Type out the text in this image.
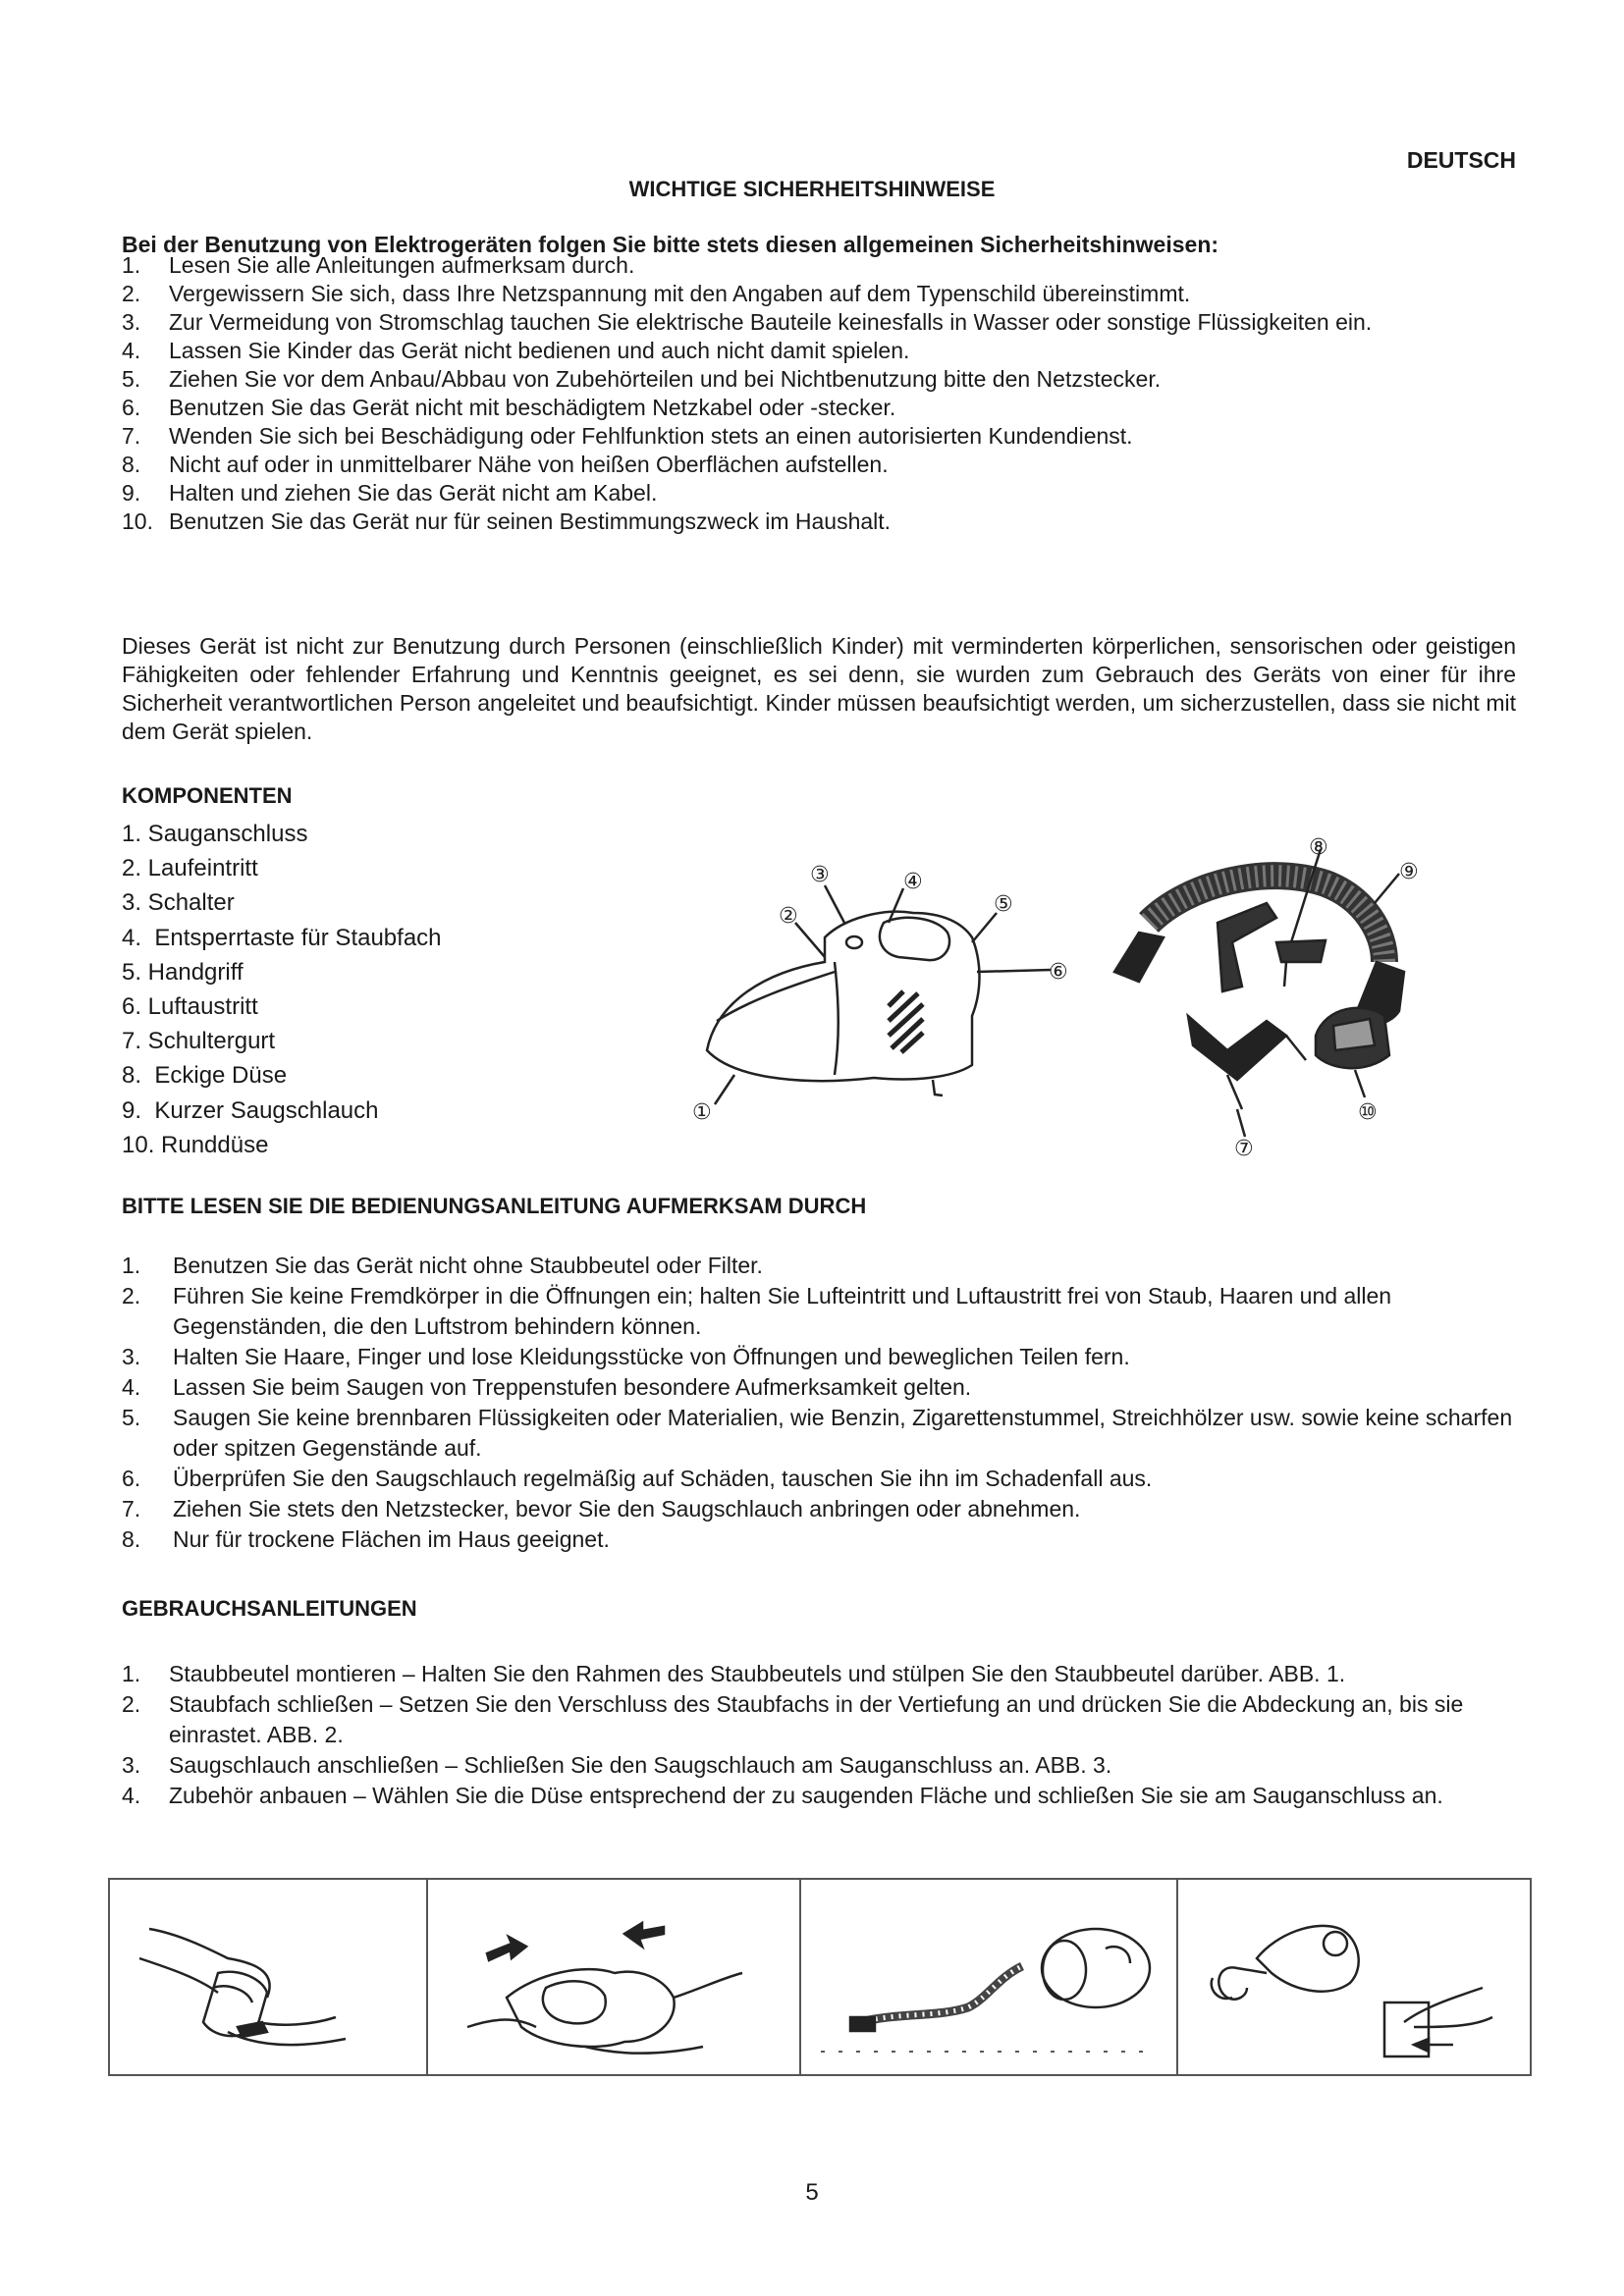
DEUTSCH
WICHTIGE SICHERHEITSHINWEISE
Bei der Benutzung von Elektrogeräten folgen Sie bitte stets diesen allgemeinen Sicherheitshinweisen:
1.	Lesen Sie alle Anleitungen aufmerksam durch.
2.	Vergewissern Sie sich, dass Ihre Netzspannung mit den Angaben auf dem Typenschild übereinstimmt.
3.	Zur Vermeidung von Stromschlag tauchen Sie elektrische Bauteile keinesfalls in Wasser oder sonstige Flüssigkeiten ein.
4.	Lassen Sie Kinder das Gerät nicht bedienen und auch nicht damit spielen.
5.	Ziehen Sie vor dem Anbau/Abbau von Zubehörteilen und bei Nichtbenutzung bitte den Netzstecker.
6.	Benutzen Sie das Gerät nicht mit beschädigtem Netzkabel oder -stecker.
7.	Wenden Sie sich bei Beschädigung oder Fehlfunktion stets an einen autorisierten Kundendienst.
8.	Nicht auf oder in unmittelbarer Nähe von heißen Oberflächen aufstellen.
9.	Halten und ziehen Sie das Gerät nicht am Kabel.
10. Benutzen Sie das Gerät nur für seinen Bestimmungszweck im Haushalt.
Dieses Gerät ist nicht zur Benutzung durch Personen (einschließlich Kinder) mit verminderten körperlichen, sensorischen oder geistigen Fähigkeiten oder fehlender Erfahrung und Kenntnis geeignet, es sei denn, sie wurden zum Gebrauch des Geräts von einer für ihre Sicherheit verantwortlichen Person angeleitet und beaufsichtigt. Kinder müssen beaufsichtigt werden, um sicherzustellen, dass sie nicht mit dem Gerät spielen.
KOMPONENTEN
1. Sauganschluss
2. Laufeintritt
3. Schalter
4.  Entsperrtaste für Staubfach
5. Handgriff
6. Luftaustritt
7. Schultergurt
8.  Eckige Düse
9.  Kurzer Saugschlauch
10. Runddüse
①
②
③	④
⑤
⑥
⑦
⑧
⑨
⑩
BITTE LESEN SIE DIE BEDIENUNGSANLEITUNG AUFMERKSAM DURCH
1.	Benutzen Sie das Gerät nicht ohne Staubbeutel oder Filter.
2.	Führen Sie keine Fremdkörper in die Öffnungen ein; halten Sie Lufteintritt und Luftaustritt frei von Staub, Haaren und allen Gegenständen, die den Luftstrom behindern können.
3.	Halten Sie Haare, Finger und lose Kleidungsstücke von Öffnungen und beweglichen Teilen fern.
4.	Lassen Sie beim Saugen von Treppenstufen besondere Aufmerksamkeit gelten.
5.	Saugen Sie keine brennbaren Flüssigkeiten oder Materialien, wie Benzin, Zigarettenstummel, Streichhölzer usw. sowie keine scharfen oder spitzen Gegenstände auf.
6.	Überprüfen Sie den Saugschlauch regelmäßig auf Schäden, tauschen Sie ihn im Schadenfall aus.
7.	Ziehen Sie stets den Netzstecker, bevor Sie den Saugschlauch anbringen oder abnehmen.
8.	Nur für trockene Flächen im Haus geeignet.
GEBRAUCHSANLEITUNGEN
1.	Staubbeutel montieren – Halten Sie den Rahmen des Staubbeutels und stülpen Sie den Staubbeutel darüber. ABB. 1.
2.	Staubfach schließen – Setzen Sie den Verschluss des Staubfachs in der Vertiefung an und drücken Sie die Abdeckung an, bis sie einrastet. ABB. 2.
3.	Saugschlauch anschließen – Schließen Sie den Saugschlauch am Sauganschluss an. ABB. 3.
4.	Zubehör anbauen – Wählen Sie die Düse entsprechend der zu saugenden Fläche und schließen Sie sie am Sauganschluss an.
5
